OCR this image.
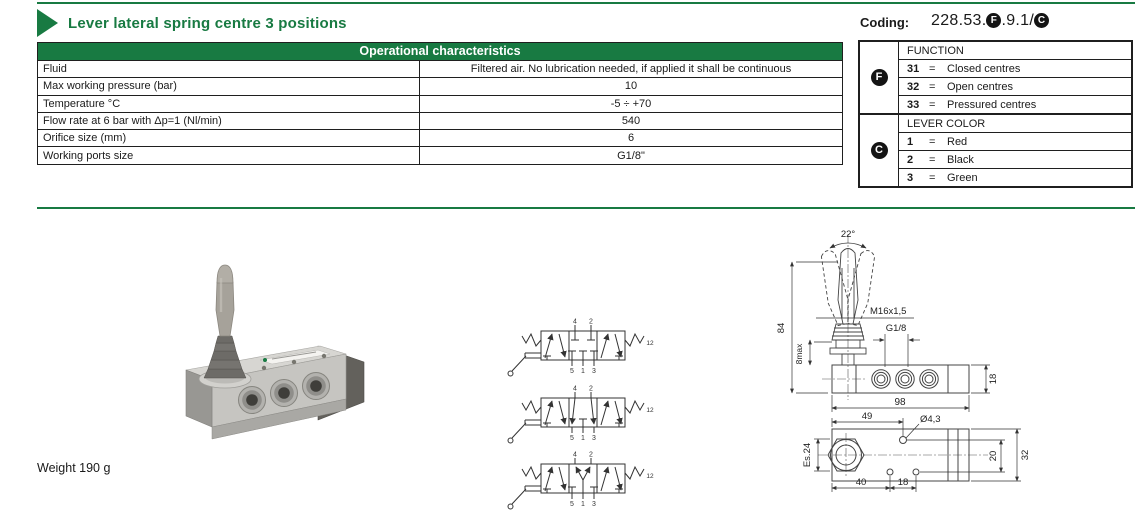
Lever lateral spring centre 3 positions	Coding: 228.53. F .9.1/ C
Operational characteristics
Fluid	Filtered air. No lubrication needed, if applied it shall be continuous
Max working pressure (bar)	10
Temperature °C	-5 ÷ +70
Flow rate at 6 bar with Δp=1 (Nl/min)	540
Orifice size (mm)	6
Working ports size	G1/8"
F
FUNCTION
31 =	Closed centres
32 =	Open centres
33 =	Pressured centres
C
LEVER COLOR
1	=	Red
2	=	Black
3	=	Green
Weight 190 g
4 2
5 1 3
12
4 2
5 1 3
12
4 2
5 1 3
12
22°
84
M16x1,5
G1/8
8max
98
18
49	Ø4,3
20 32
Es.24
40	18
